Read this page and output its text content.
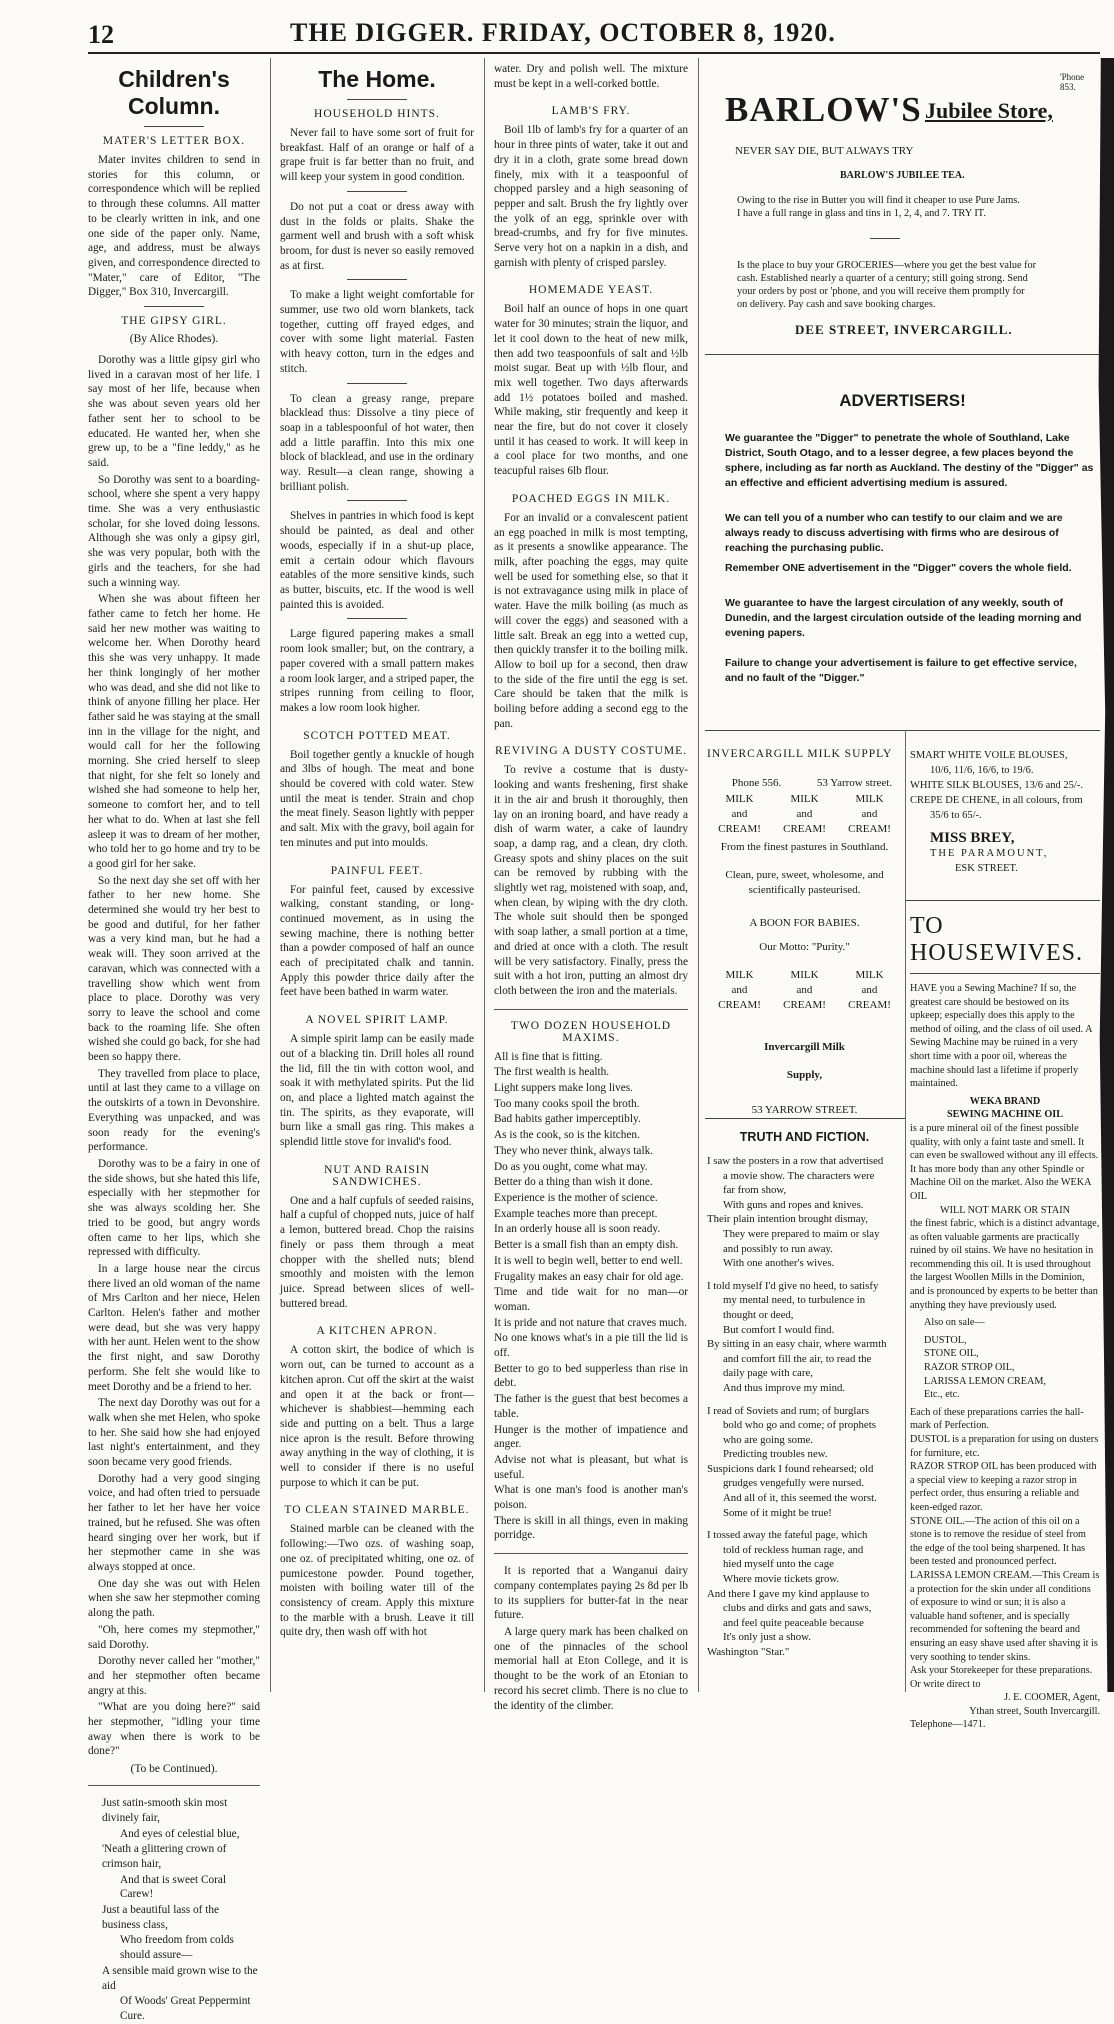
12	THE DIGGER. FRIDAY, OCTOBER 8, 1920.
Children's Column.
MATER'S LETTER BOX.

Mater invites children to send in stories for this column, or correspondence which will be replied to through these columns. All matter to be clearly written in ink, and one one side of the paper only. Name, age, and address, must be always given, and correspondence directed to "Mater," care of Editor, "The Digger," Box 310, Invercargill.

THE GIPSY GIRL.
(By Alice Rhodes).

Dorothy was a little gipsy girl who lived in a caravan most of her life. I say most of her life, because when she was about seven years old her father sent her to school to be educated. He wanted her, when she grew up, to be a "fine leddy," as he said.

So Dorothy was sent to a boarding-school, where she spent a very happy time. She was a very enthusiastic scholar, for she loved doing lessons. Although she was only a gipsy girl, she was very popular, both with the girls and the teachers, for she had such a winning way.

When she was about fifteen her father came to fetch her home. He said her new mother was waiting to welcome her. When Dorothy heard this she was very unhappy. It made her think longingly of her mother who was dead, and she did not like to think of anyone filling her place. Her father said he was staying at the small inn in the village for the night, and would call for her the following morning. She cried herself to sleep that night, for she felt so lonely and wished she had someone to help her, someone to comfort her, and to tell her what to do. When at last she fell asleep it was to dream of her mother, who told her to go home and try to be a good girl for her sake.

So the next day she set off with her father to her new home. She determined she would try her best to be good and dutiful, for her father was a very kind man, but he had a weak will. They soon arrived at the caravan, which was connected with a travelling show which went from place to place. Dorothy was very sorry to leave the school and come back to the roaming life. She often wished she could go back, for she had been so happy there.

They travelled from place to place, until at last they came to a village on the outskirts of a town in Devonshire. Everything was unpacked, and was soon ready for the evening's performance.

Dorothy was to be a fairy in one of the side shows, but she hated this life, especially with her stepmother for she was always scolding her. She tried to be good, but angry words often came to her lips, which she repressed with difficulty.

In a large house near the circus there lived an old woman of the name of Mrs Carlton and her niece, Helen Carlton. Helen's father and mother were dead, but she was very happy with her aunt. Helen went to the show the first night, and saw Dorothy perform. She felt she would like to meet Dorothy and be a friend to her.

The next day Dorothy was out for a walk when she met Helen, who spoke to her. She said how she had enjoyed last night's entertainment, and they soon became very good friends.

Dorothy had a very good singing voice, and had often tried to persuade her father to let her have her voice trained, but he refused. She was often heard singing over her work, but if her stepmother came in she was always stopped at once.

One day she was out with Helen when she saw her stepmother coming along the path.

"Oh, here comes my stepmother," said Dorothy.

Dorothy never called her "mother," and her stepmother often became angry at this.

"What are you doing here?" said her stepmother, "idling your time away when there is work to be done?"

(To be Continued).

Just satin-smooth skin most divinely fair,

And eyes of celestial blue,

'Neath a glittering crown of crimson hair,

And that is sweet Coral Carew!

Just a beautiful lass of the business class,

Who freedom from colds should assure—

A sensible maid grown wise to the aid

Of Woods' Great Peppermint Cure.

The Home.
HOUSEHOLD HINTS.

Never fail to have some sort of fruit for breakfast. Half of an orange or half of a grape fruit is far better than no fruit, and will keep your system in good condition.

Do not put a coat or dress away with dust in the folds or plaits. Shake the garment well and brush with a soft whisk broom, for dust is never so easily removed as at first.

To make a light weight comfortable for summer, use two old worn blankets, tack together, cutting off frayed edges, and cover with some light material. Fasten with heavy cotton, turn in the edges and stitch.

To clean a greasy range, prepare blacklead thus: Dissolve a tiny piece of soap in a tablespoonful of hot water, then add a little paraffin. Into this mix one block of blacklead, and use in the ordinary way. Result—a clean range, showing a brilliant polish.

Shelves in pantries in which food is kept should be painted, as deal and other woods, especially if in a shut-up place, emit a certain odour which flavours eatables of the more sensitive kinds, such as butter, biscuits, etc. If the wood is well painted this is avoided.

Large figured papering makes a small room look smaller; but, on the contrary, a paper covered with a small pattern makes a room look larger, and a striped paper, the stripes running from ceiling to floor, makes a low room look higher.

SCOTCH POTTED MEAT.

Boil together gently a knuckle of hough and 3lbs of hough. The meat and bone should be covered with cold water. Stew until the meat is tender. Strain and chop the meat finely. Season lightly with pepper and salt. Mix with the gravy, boil again for ten minutes and put into moulds.

PAINFUL FEET.

For painful feet, caused by excessive walking, constant standing, or long-continued movement, as in using the sewing machine, there is nothing better than a powder composed of half an ounce each of precipitated chalk and tannin. Apply this powder thrice daily after the feet have been bathed in warm water.

A NOVEL SPIRIT LAMP.

A simple spirit lamp can be easily made out of a blacking tin. Drill holes all round the lid, fill the tin with cotton wool, and soak it with methylated spirits. Put the lid on, and place a lighted match against the tin. The spirits, as they evaporate, will burn like a small gas ring. This makes a splendid little stove for invalid's food.

NUT AND RAISIN SANDWICHES.

One and a half cupfuls of seeded raisins, half a cupful of chopped nuts, juice of half a lemon, buttered bread. Chop the raisins finely or pass them through a meat chopper with the shelled nuts; blend smoothly and moisten with the lemon juice. Spread between slices of well-buttered bread.

A KITCHEN APRON.

A cotton skirt, the bodice of which is worn out, can be turned to account as a kitchen apron. Cut off the skirt at the waist and open it at the back or front—whichever is shabbiest—hemming each side and putting on a belt. Thus a large nice apron is the result. Before throwing away anything in the way of clothing, it is well to consider if there is no useful purpose to which it can be put.

TO CLEAN STAINED MARBLE.

Stained marble can be cleaned with the following:—Two ozs. of washing soap, one oz. of precipitated whiting, one oz. of pumicestone powder. Pound together, moisten with boiling water till of the consistency of cream. Apply this mixture to the marble with a brush. Leave it till quite dry, then wash off with hot

water. Dry and polish well. The mixture must be kept in a well-corked bottle.

LAMB'S FRY.

Boil 1lb of lamb's fry for a quarter of an hour in three pints of water, take it out and dry it in a cloth, grate some bread down finely, mix with it a teaspoonful of chopped parsley and a high seasoning of pepper and salt. Brush the fry lightly over the yolk of an egg, sprinkle over with bread-crumbs, and fry for five minutes. Serve very hot on a napkin in a dish, and garnish with plenty of crisped parsley.

HOMEMADE YEAST.

Boil half an ounce of hops in one quart water for 30 minutes; strain the liquor, and let it cool down to the heat of new milk, then add two teaspoonfuls of salt and ½lb moist sugar. Beat up with ½lb flour, and mix well together. Two days afterwards add 1½ potatoes boiled and mashed. While making, stir frequently and keep it near the fire, but do not cover it closely until it has ceased to work. It will keep in a cool place for two months, and one teacupful raises 6lb flour.

POACHED EGGS IN MILK.

For an invalid or a convalescent patient an egg poached in milk is most tempting, as it presents a snowlike appearance. The milk, after poaching the eggs, may quite well be used for something else, so that it is not extravagance using milk in place of water. Have the milk boiling (as much as will cover the eggs) and seasoned with a little salt. Break an egg into a wetted cup, then quickly transfer it to the boiling milk. Allow to boil up for a second, then draw to the side of the fire until the egg is set. Care should be taken that the milk is boiling before adding a second egg to the pan.

REVIVING A DUSTY COSTUME.

To revive a costume that is dusty-looking and wants freshening, first shake it in the air and brush it thoroughly, then lay on an ironing board, and have ready a dish of warm water, a cake of laundry soap, a damp rag, and a clean, dry cloth. Greasy spots and shiny places on the suit can be removed by rubbing with the slightly wet rag, moistened with soap, and, when clean, by wiping with the dry cloth. The whole suit should then be sponged with soap lather, a small portion at a time, and dried at once with a cloth. The result will be very satisfactory. Finally, press the suit with a hot iron, putting an almost dry cloth between the iron and the materials.

TWO DOZEN HOUSEHOLD MAXIMS.

All is fine that is fitting.

The first wealth is health.

Light suppers make long lives.

Too many cooks spoil the broth.

Bad habits gather imperceptibly.

As is the cook, so is the kitchen.

They who never think, always talk.

Do as you ought, come what may.

Better do a thing than wish it done.

Experience is the mother of science.

Example teaches more than precept.

In an orderly house all is soon ready.

Better is a small fish than an empty dish.

It is well to begin well, better to end well.

Frugality makes an easy chair for old age.

Time and tide wait for no man—or woman.

It is pride and not nature that craves much.

No one knows what's in a pie till the lid is off.

Better to go to bed supperless than rise in debt.

The father is the guest that best becomes a table.

Hunger is the mother of impatience and anger.

Advise not what is pleasant, but what is useful.

What is one man's food is another man's poison.

There is skill in all things, even in making porridge.

It is reported that a Wanganui dairy company contemplates paying 2s 8d per lb to its suppliers for butter-fat in the near future.

A large query mark has been chalked on one of the pinnacles of the school memorial hall at Eton College, and it is thought to be the work of an Etonian to record his secret climb. There is no clue to the identity of the climber.

'Phone 853.
BARLOW'S Jubilee Store,
NEVER SAY DIE, BUT ALWAYS TRY
BARLOW'S JUBILEE TEA.
Owing to the rise in Butter you will find it cheaper to use Pure Jams.
I have a full range in glass and tins in 1, 2, 4, and 7. TRY IT.
Is the place to buy your GROCERIES—where you get the best value for
cash. Established nearly a quarter of a century; still going strong. Send
your orders by post or 'phone, and you will receive them promptly for
on delivery. Pay cash and save booking charges.
DEE STREET, INVERCARGILL.
ADVERTISERS!

We guarantee the "Digger" to penetrate the whole of Southland, Lake District, South Otago, and to a lesser degree, a few places beyond the sphere, including as far north as Auckland. The destiny of the "Digger" as an effective and efficient advertising medium is assured.

We can tell you of a number who can testify to our claim and we are always ready to discuss advertising with firms who are desirous of reaching the purchasing public.

Remember ONE advertisement in the "Digger" covers the whole field.

We guarantee to have the largest circulation of any weekly, south of Dunedin, and the largest circulation outside of the leading morning and evening papers.

Failure to change your advertisement is failure to get effective service, and no fault of the "Digger."

INVERCARGILL MILK SUPPLY
Phone 556.	53 Yarrow street.
MILK
and
CREAM!
MILK
and
CREAM!
MILK
and
CREAM!
From the finest pastures in Southland.
Clean, pure, sweet, wholesome, and scientifically pasteurised.
A BOON FOR BABIES.
Our Motto: "Purity."
MILK
and
CREAM!
MILK
and
CREAM!
MILK
and
CREAM!
Invercargill Milk
Supply,
53 YARROW STREET.
TRUTH AND FICTION.

I saw the posters in a row that advertised

a movie show. The characters were

far from show,

With guns and ropes and knives.

Their plain intention brought dismay,

They were prepared to maim or slay

and possibly to run away.

With one another's wives.

I told myself I'd give no heed, to satisfy

my mental need, to turbulence in

thought or deed,

But comfort I would find.

By sitting in an easy chair, where warmth

and comfort fill the air, to read the

daily page with care,

And thus improve my mind.

I read of Soviets and rum; of burglars

bold who go and come; of prophets

who are going some.

Predicting troubles new.

Suspicions dark I found rehearsed; old

grudges vengefully were nursed.

And all of it, this seemed the worst.

Some of it might be true!

I tossed away the fateful page, which

told of reckless human rage, and

hied myself unto the cage

Where movie tickets grow.

And there I gave my kind applause to

clubs and dirks and gats and saws,

and feel quite peaceable because

It's only just a show.

Washington "Star."

SMART WHITE VOILE BLOUSES,
10/6, 11/6, 16/6, to 19/6.
WHITE SILK BLOUSES, 13/6 and 25/-.
CREPE DE CHENE, in all colours, from
35/6 to 65/-.
MISS BREY,
THE PARAMOUNT,
ESK STREET.
TO HOUSEWIVES.

HAVE you a Sewing Machine? If so, the greatest care should be bestowed on its upkeep; especially does this apply to the method of oiling, and the class of oil used. A Sewing Machine may be ruined in a very short time with a poor oil, whereas the machine should last a lifetime if properly maintained.

WEKA BRAND

SEWING MACHINE OIL

is a pure mineral oil of the finest possible quality, with only a faint taste and smell. It can even be swallowed without any ill effects. It has more body than any other Spindle or Machine Oil on the market. Also the WEKA OIL

WILL NOT MARK OR STAIN

the finest fabric, which is a distinct advantage, as often valuable garments are practically ruined by oil stains. We have no hesitation in recommending this oil. It is used throughout the largest Woollen Mills in the Dominion, and is pronounced by experts to be better than anything they have previously used.

Also on sale—

DUSTOL,

STONE OIL,

RAZOR STROP OIL,

LARISSA LEMON CREAM,

Etc., etc.

Each of these preparations carries the hall-mark of Perfection.

DUSTOL is a preparation for using on dusters for furniture, etc.

RAZOR STROP OIL has been produced with a special view to keeping a razor strop in perfect order, thus ensuring a reliable and keen-edged razor.

STONE OIL.—The action of this oil on a stone is to remove the residue of steel from the edge of the tool being sharpened. It has been tested and pronounced perfect.

LARISSA LEMON CREAM.—This Cream is a protection for the skin under all conditions of exposure to wind or sun; it is also a valuable hand softener, and is specially recommended for softening the beard and ensuring an easy shave used after shaving it is very soothing to tender skins.

Ask your Storekeeper for these preparations. Or write direct to

J. E. COOMER, Agent,

Ythan street, South Invercargill.

Telephone—1471.
